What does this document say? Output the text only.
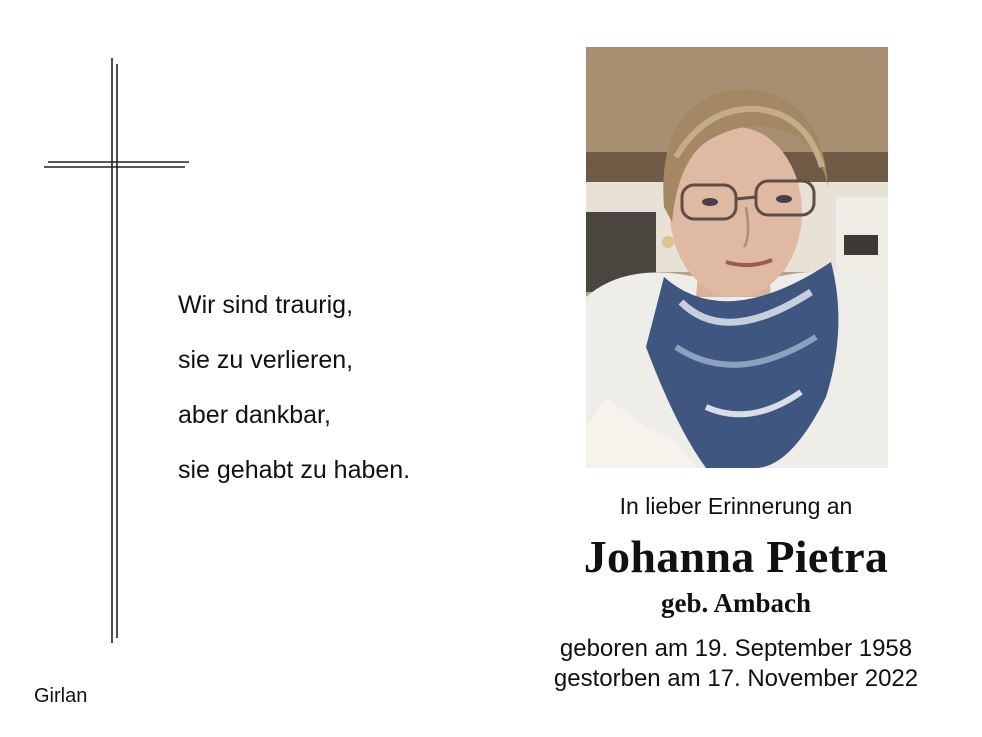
Wir sind traurig,
sie zu verlieren,
aber dankbar,
sie gehabt zu haben.
In lieber Erinnerung an
Johanna Pietra
geb. Ambach
geboren am 19. September 1958
gestorben am 17. November 2022
Girlan
